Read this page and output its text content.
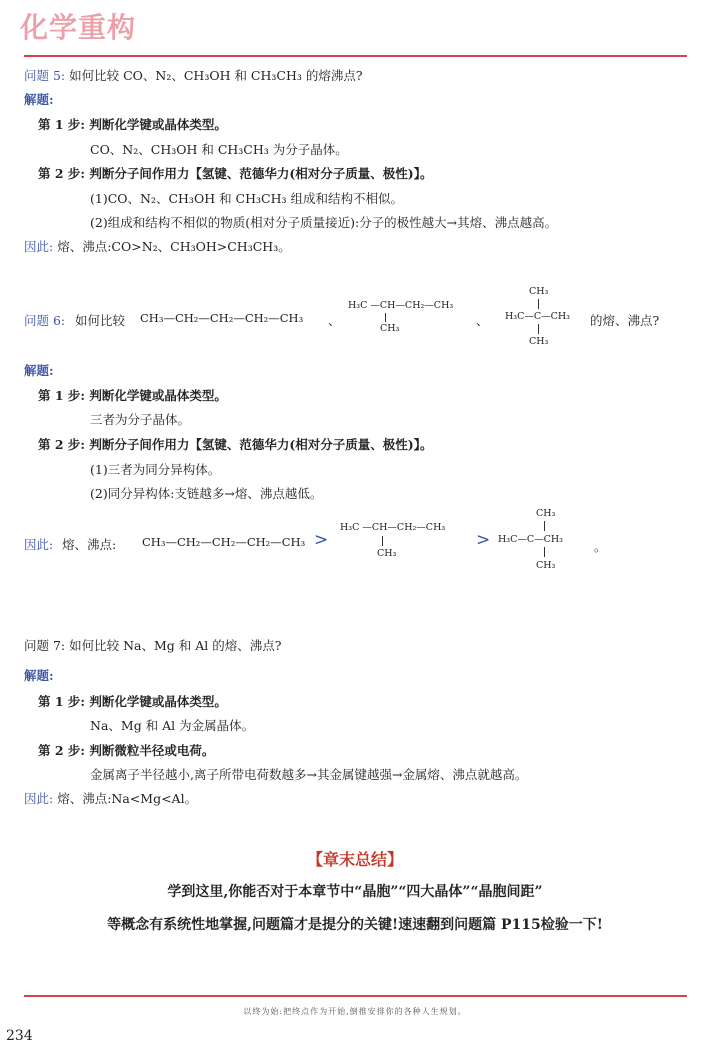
化学重构
问题 5: 如何比较 CO、N₂、CH₃OH 和 CH₃CH₃ 的熔沸点?
解题:
第 1 步: 判断化学键或晶体类型。
CO、N₂、CH₃OH 和 CH₃CH₃ 为分子晶体。
第 2 步: 判断分子间作用力【氢键、范德华力(相对分子质量、极性)】。
(1)CO、N₂、CH₃OH 和 CH₃CH₃ 组成和结构不相似。
(2)组成和结构不相似的物质(相对分子质量接近):分子的极性越大→其熔、沸点越高。
因此: 熔、沸点:CO>N₂、CH₃OH>CH₃CH₃。
问题 6: 如何比较 CH₃—CH₂—CH₂—CH₂—CH₃ 、
H₃C —CH—CH₂—CH₃
CH₃
、
CH₃
H₃C—C—CH₃
CH₃
的熔、沸点?
解题:
第 1 步: 判断化学键或晶体类型。
三者为分子晶体。
第 2 步: 判断分子间作用力【氢键、范德华力(相对分子质量、极性)】。
(1)三者为同分异构体。
(2)同分异构体:支链越多→熔、沸点越低。
因此: 熔、沸点: CH₃—CH₂—CH₂—CH₂—CH₃ >
H₃C —CH—CH₂—CH₃
CH₃
>
CH₃
H₃C—C—CH₃
CH₃
。
问题 7: 如何比较 Na、Mg 和 Al 的熔、沸点?
解题:
第 1 步: 判断化学键或晶体类型。
Na、Mg 和 Al 为金属晶体。
第 2 步: 判断微粒半径或电荷。
金属离子半径越小,离子所带电荷数越多→其金属键越强→金属熔、沸点就越高。
因此: 熔、沸点:Na<Mg<Al。
【章末总结】
学到这里,你能否对于本章节中“晶胞”“四大晶体”“晶胞间距”
等概念有系统性地掌握,问题篇才是提分的关键!速速翻到问题篇 P115检验一下!
以终为始:把终点作为开始,倒推安排你的各种人生规划。
234
